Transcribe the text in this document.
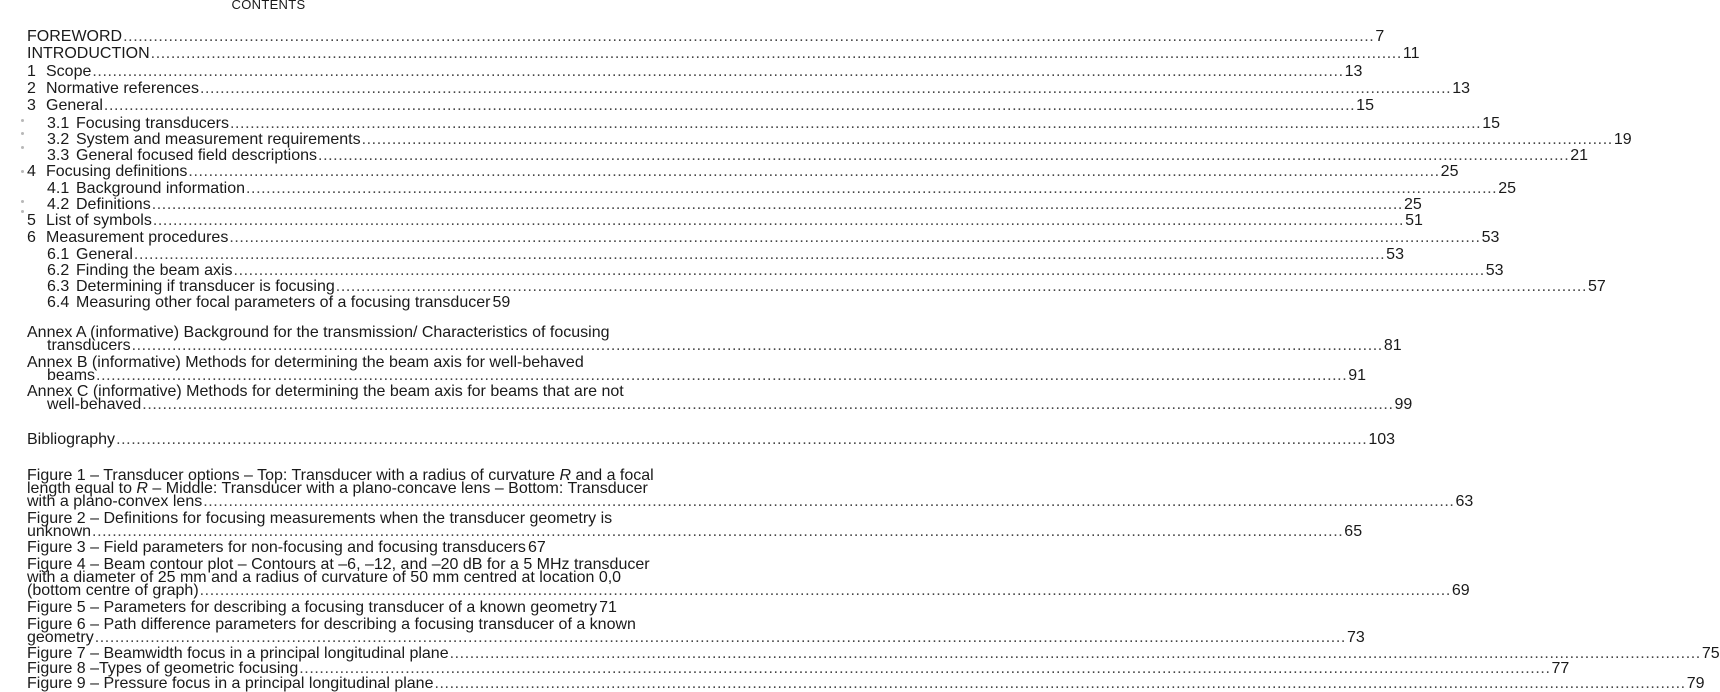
CONTENTS
FOREWORD .....	7
INTRODUCTION .....	11
1 Scope .....	13
2 Normative references .....	13
3 General .....	15
3.1 Focusing transducers .....	15
3.2 System and measurement requirements .....	19
3.3 General focused field descriptions .....	21
4 Focusing definitions .....	25
4.1 Background information .....	25
4.2 Definitions .....	25
5 List of symbols .....	51
6 Measurement procedures .....	53
6.1 General .....	53
6.2 Finding the beam axis .....	53
6.3 Determining if transducer is focusing .....	57
6.4 Measuring other focal parameters of a focusing transducer 59
Annex A (informative) Background for the transmission/ Characteristics of focusing
transducers .....	81
Annex B (informative) Methods for determining the beam axis for well-behaved
beams .....	91
Annex C (informative) Methods for determining the beam axis for beams that are not
well-behaved .....	99
Bibliography .....	103
Figure 1 – Transducer options – Top: Transducer with a radius of curvature R and a focal
length equal to R – Middle: Transducer with a plano-concave lens – Bottom: Transducer
with a plano-convex lens .....	63
Figure 2 – Definitions for focusing measurements when the transducer geometry is
unknown .....	65
Figure 3 – Field parameters for non-focusing and focusing transducers 67
Figure 4 – Beam contour plot – Contours at –6, –12, and –20 dB for a 5 MHz transducer
with a diameter of 25 mm and a radius of curvature of 50 mm centred at location 0,0
(bottom centre of graph) .....	69
Figure 5 – Parameters for describing a focusing transducer of a known geometry 71
Figure 6 – Path difference parameters for describing a focusing transducer of a known
geometry .....	73
Figure 7 – Beamwidth focus in a principal longitudinal plane .....	75
Figure 8 –Types of geometric focusing .....	77
Figure 9 – Pressure focus in a principal longitudinal plane .....	79
